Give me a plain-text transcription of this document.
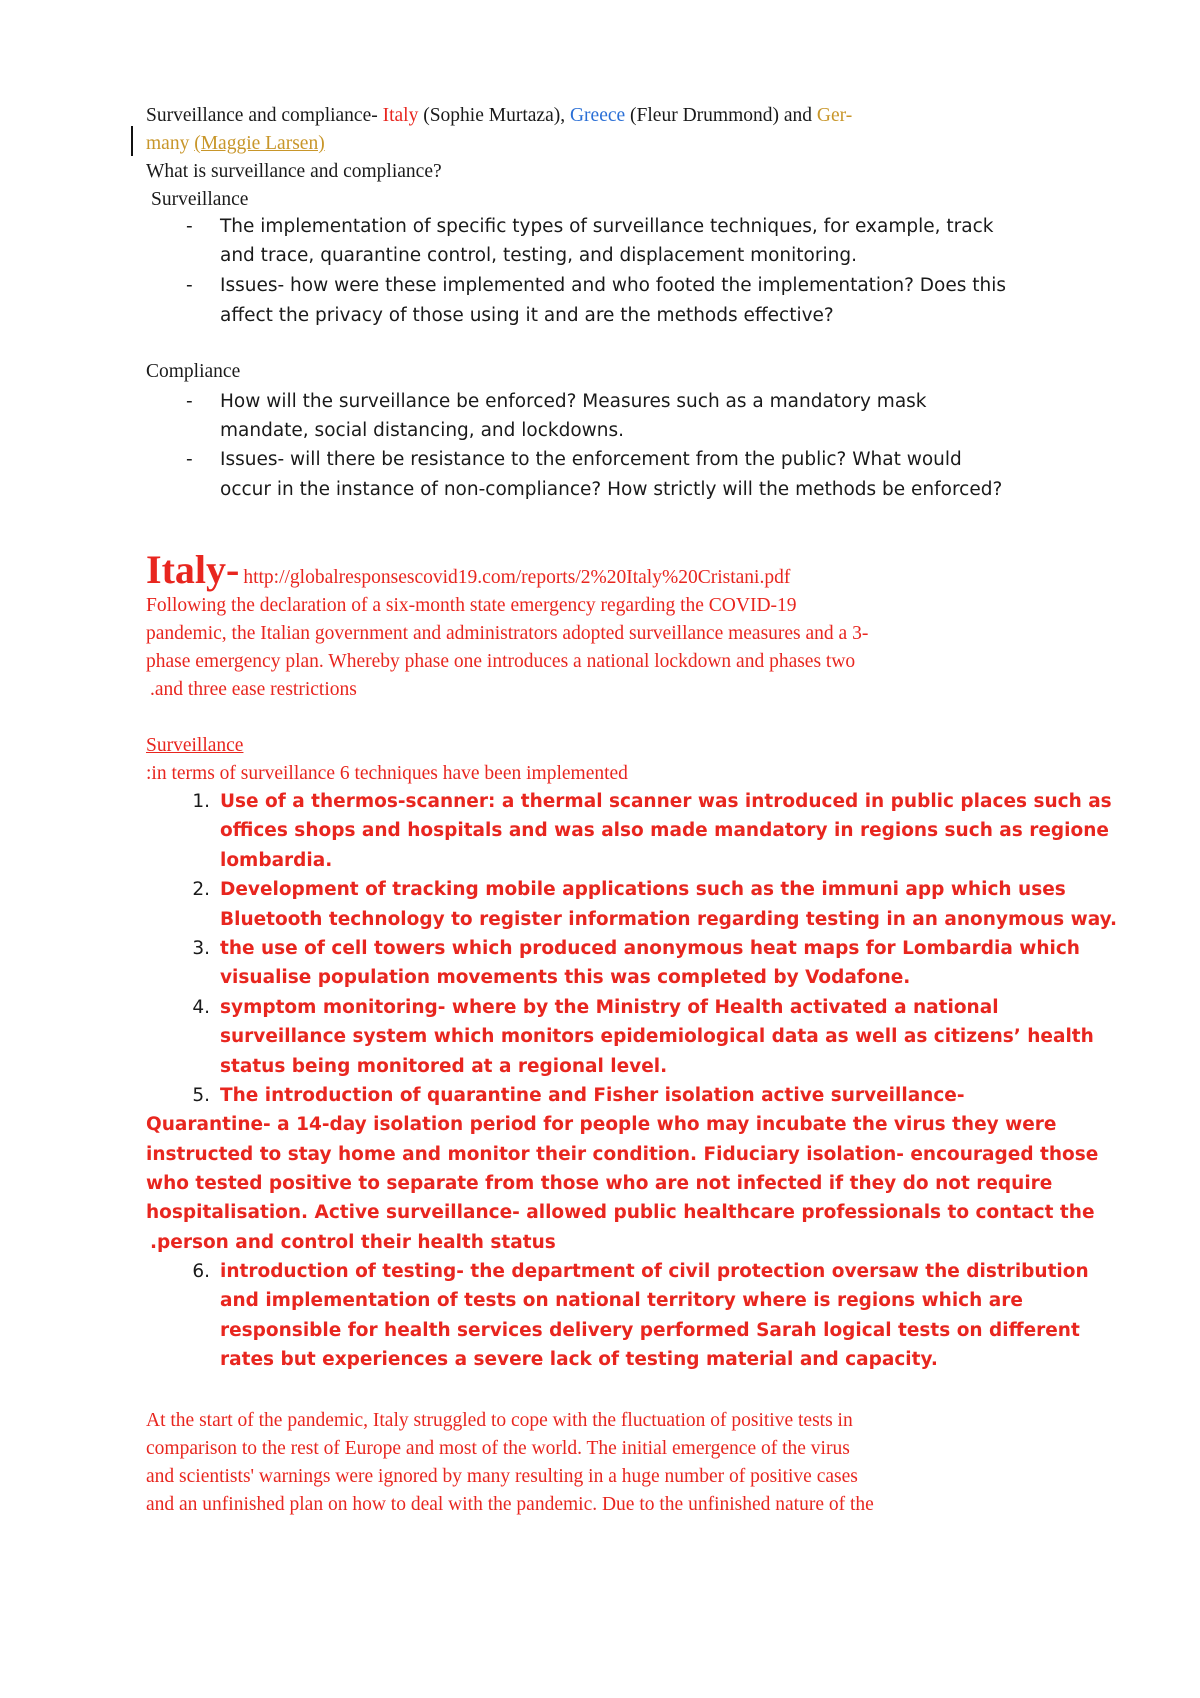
Surveillance and compliance- Italy (Sophie Murtaza), Greece (Fleur Drummond) and Ger-
many (Maggie Larsen)
What is surveillance and compliance?
Surveillance
- The implementation of specific types of surveillance techniques, for example, track
and trace, quarantine control, testing, and displacement monitoring.
- Issues- how were these implemented and who footed the implementation? Does this
affect the privacy of those using it and are the methods effective?
Compliance
- How will the surveillance be enforced? Measures such as a mandatory mask
mandate, social distancing, and lockdowns.
- Issues- will there be resistance to the enforcement from the public? What would
occur in the instance of non-compliance? How strictly will the methods be enforced?
Italy- http://globalresponsescovid19.com/reports/2%20Italy%20Cristani.pdf
Following the declaration of a six-month state emergency regarding the COVID-19
pandemic, the Italian government and administrators adopted surveillance measures and a 3-
phase emergency plan. Whereby phase one introduces a national lockdown and phases two
.and three ease restrictions
Surveillance
:in terms of surveillance 6 techniques have been implemented
1. Use of a thermos-scanner: a thermal scanner was introduced in public places such as
offices shops and hospitals and was also made mandatory in regions such as regione
lombardia.
2. Development of tracking mobile applications such as the immuni app which uses
Bluetooth technology to register information regarding testing in an anonymous way.
3. the use of cell towers which produced anonymous heat maps for Lombardia which
visualise population movements this was completed by Vodafone.
4. symptom monitoring- where by the Ministry of Health activated a national
surveillance system which monitors epidemiological data as well as citizens’ health
status being monitored at a regional level.
5. The introduction of quarantine and Fisher isolation active surveillance-
Quarantine- a 14-day isolation period for people who may incubate the virus they were
instructed to stay home and monitor their condition. Fiduciary isolation- encouraged those
who tested positive to separate from those who are not infected if they do not require
hospitalisation. Active surveillance- allowed public healthcare professionals to contact the
.person and control their health status
6. introduction of testing- the department of civil protection oversaw the distribution
and implementation of tests on national territory where is regions which are
responsible for health services delivery performed Sarah logical tests on different
rates but experiences a severe lack of testing material and capacity.
At the start of the pandemic, Italy struggled to cope with the fluctuation of positive tests in
comparison to the rest of Europe and most of the world. The initial emergence of the virus
and scientists' warnings were ignored by many resulting in a huge number of positive cases
and an unfinished plan on how to deal with the pandemic. Due to the unfinished nature of the
